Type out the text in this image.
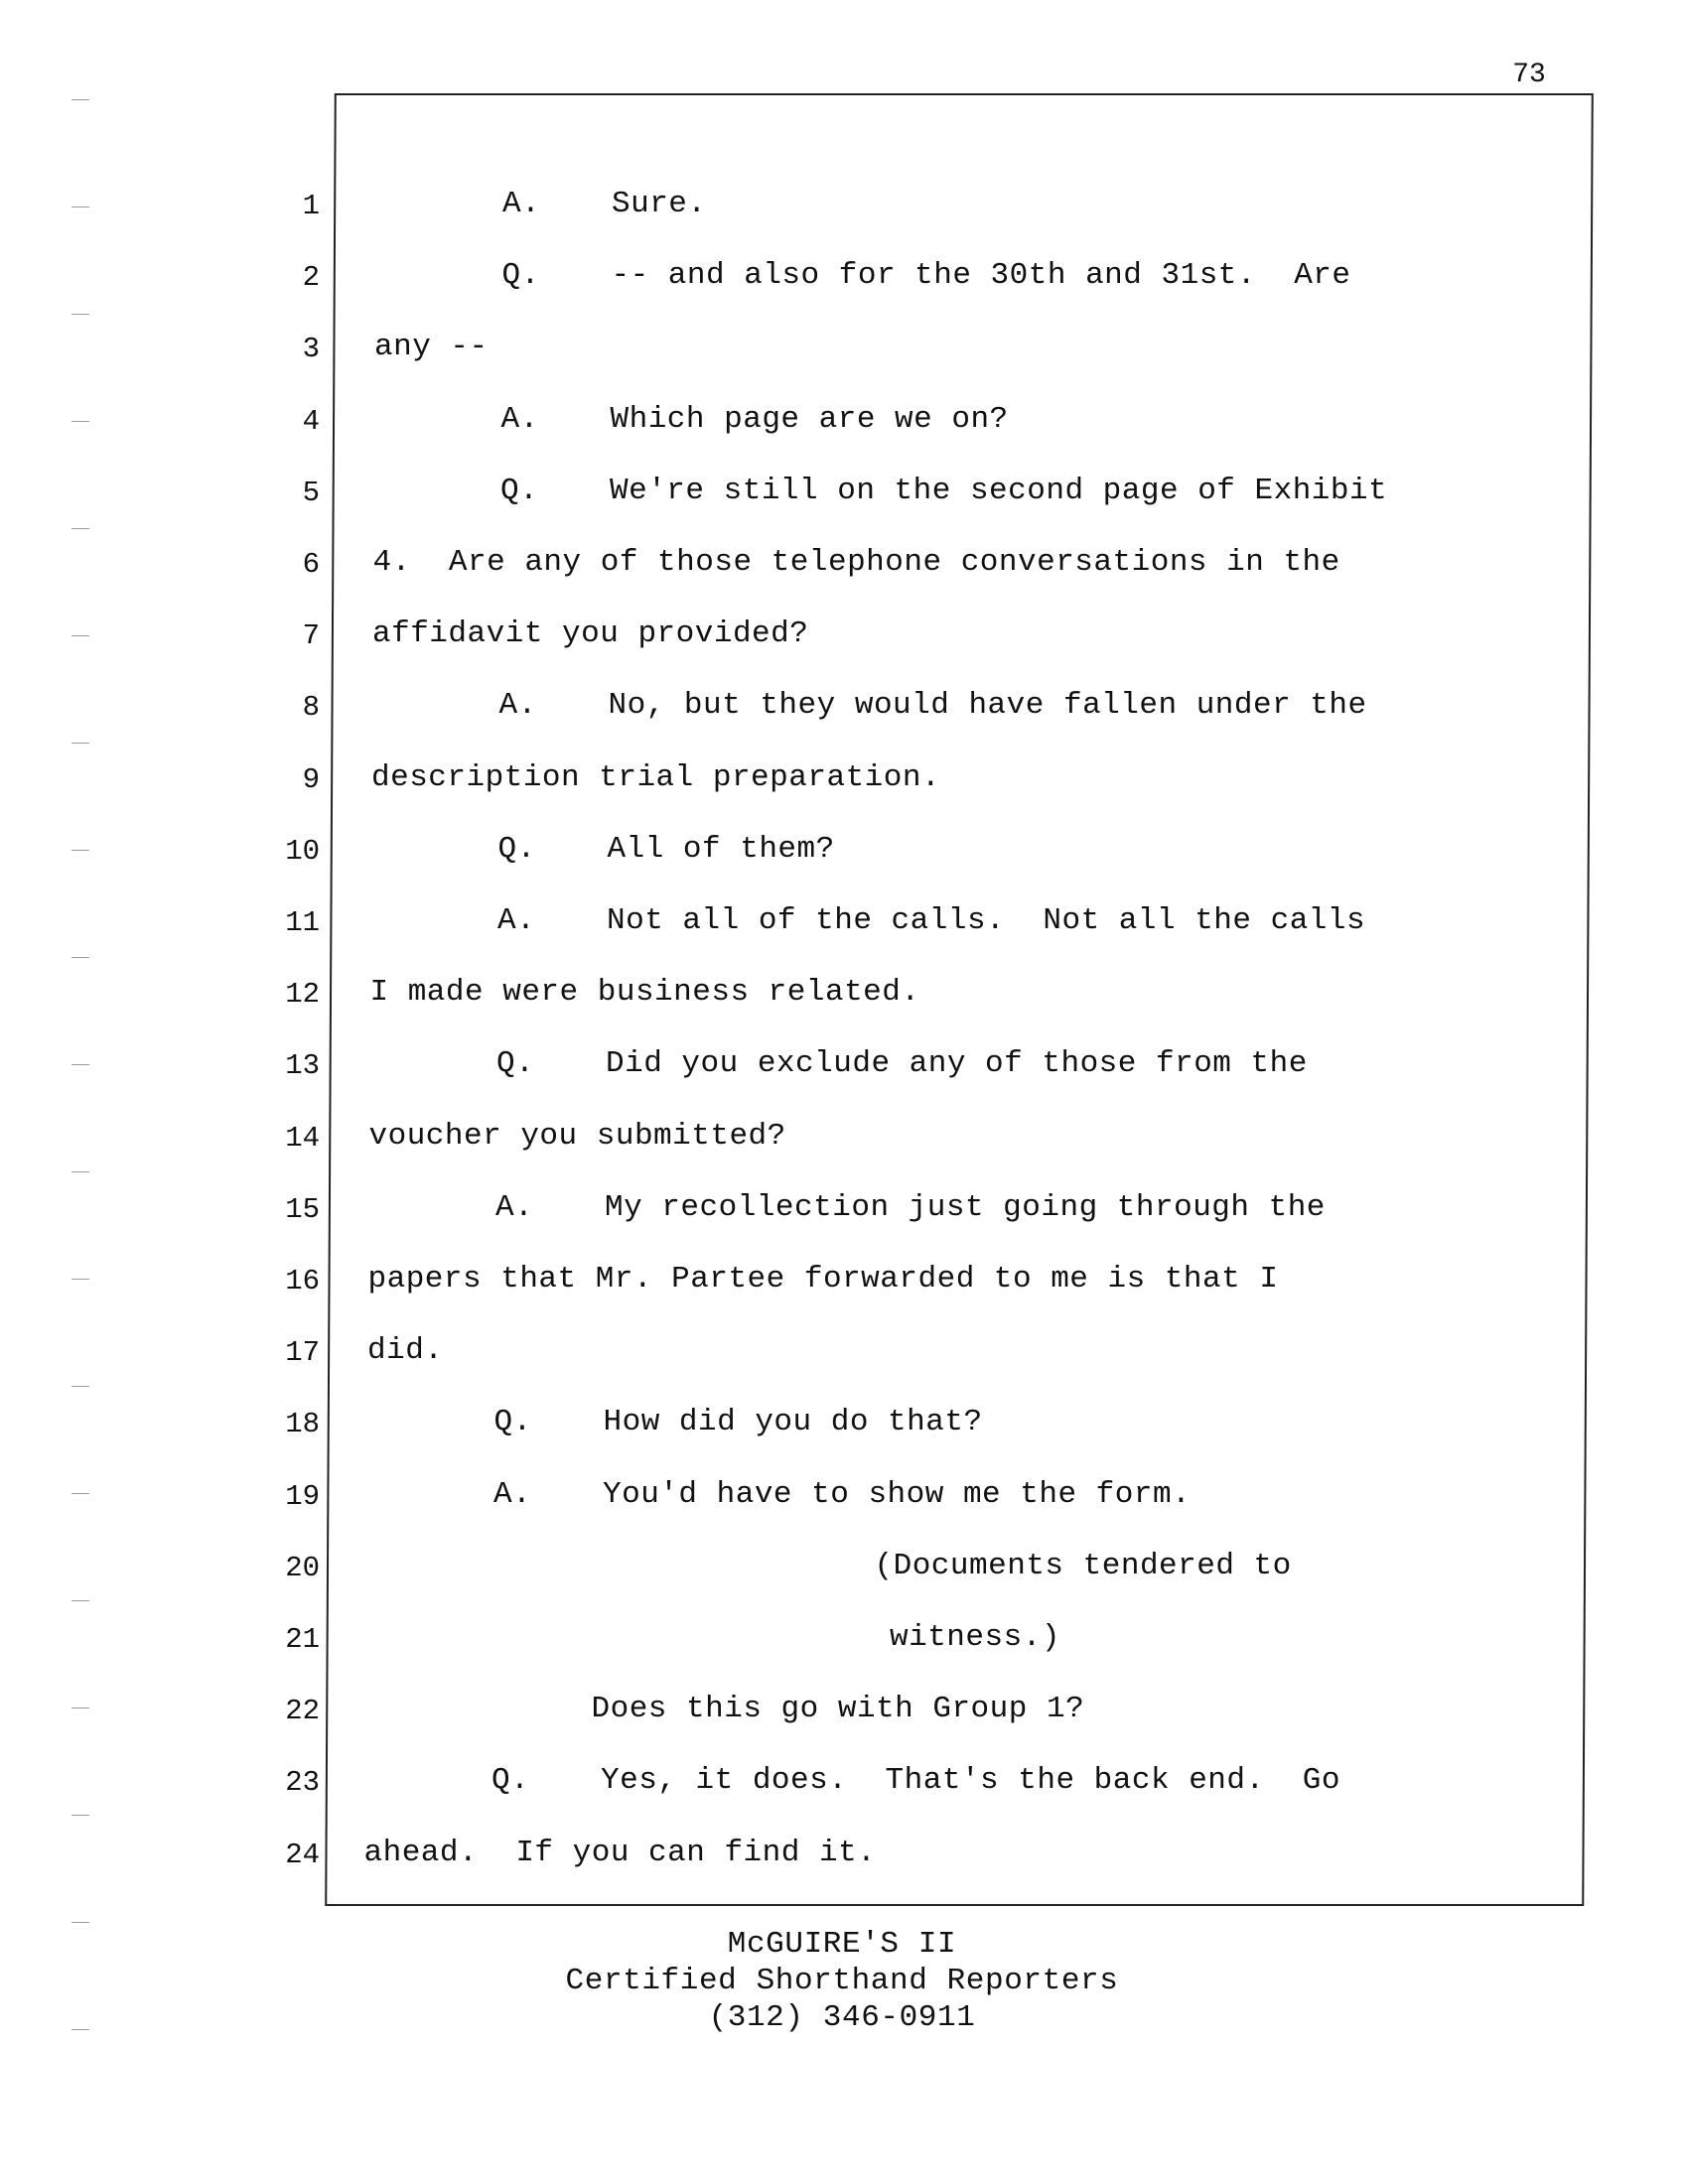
73
1
2
3
4
5
6
7
8
9
10
11
12
13
14
15
16
17
18
19
20
21
22
23
24
A. Sure.
Q. -- and also for the 30th and 31st.  Are
any --
A. Which page are we on?
Q. We're still on the second page of Exhibit
4.  Are any of those telephone conversations in the
affidavit you provided?
A. No, but they would have fallen under the
description trial preparation.
Q. All of them?
A. Not all of the calls.  Not all the calls
I made were business related.
Q. Did you exclude any of those from the
voucher you submitted?
A. My recollection just going through the
papers that Mr. Partee forwarded to me is that I
did.
Q. How did you do that?
A. You'd have to show me the form.
(Documents tendered to
witness.)
Does this go with Group 1?
Q. Yes, it does.  That's the back end.  Go
ahead.  If you can find it.
McGUIRE'S II
Certified Shorthand Reporters
(312) 346-0911
